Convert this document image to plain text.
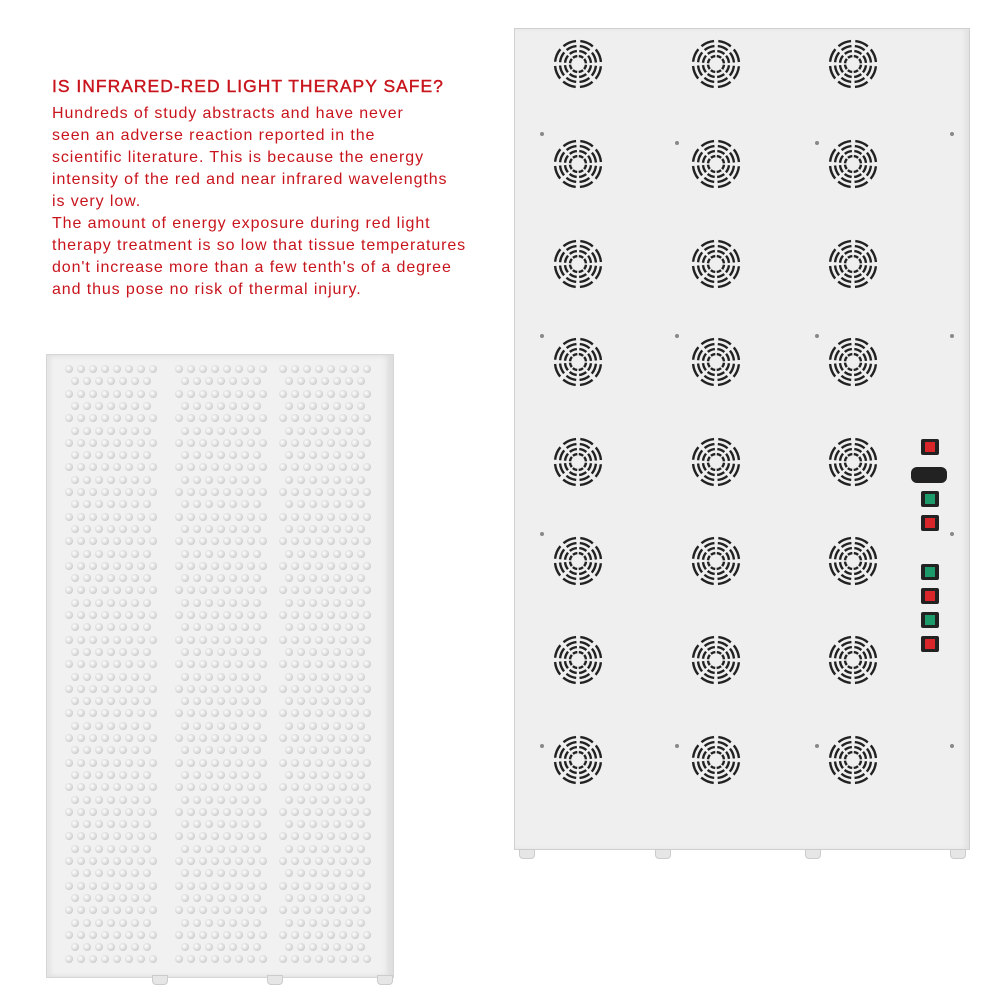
IS INFRARED-RED LIGHT THERAPY SAFE?
Hundreds of study abstracts and have never
seen an adverse reaction reported in the
scientific literature. This is because the energy
intensity of the red and near infrared wavelengths
is very low.
The amount of energy exposure during red light
therapy treatment is so low that tissue temperatures
don't increase more than a few tenth's of a degree
and thus pose no risk of thermal injury.
